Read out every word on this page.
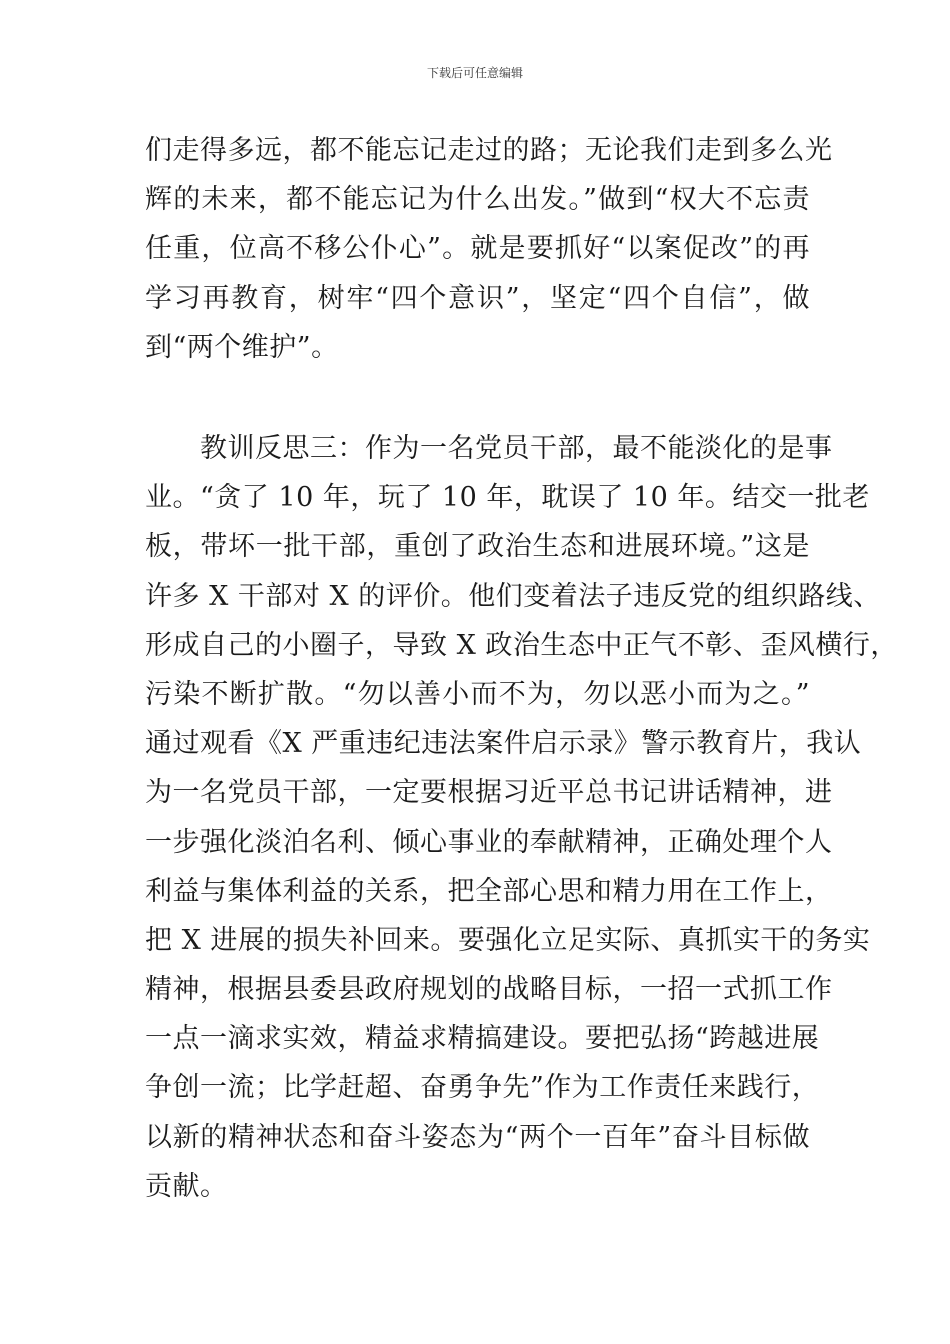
下载后可任意编辑
们走得多远，都不能忘记走过的路；无论我们走到多么光
辉的未来，都不能忘记为什么出发。”做到“权大不忘责
任重，位高不移公仆心”。就是要抓好“以案促改”的再
学习再教育，树牢“四个意识”，坚定“四个自信”，做
到“两个维护”。
　　教训反思三：作为一名党员干部，最不能淡化的是事
业。“贪了 10 年，玩了 10 年，耽误了 10 年。结交一批老
板，带坏一批干部，重创了政治生态和进展环境。”这是
许多 X 干部对 X 的评价。他们变着法子违反党的组织路线、
形成自己的小圈子，导致 X 政治生态中正气不彰、歪风横行，
污染不断扩散。“勿以善小而不为，勿以恶小而为之。”
通过观看《X 严重违纪违法案件启示录》警示教育片，我认
为一名党员干部，一定要根据习近平总书记讲话精神，进
一步强化淡泊名利、倾心事业的奉献精神，正确处理个人
利益与集体利益的关系，把全部心思和精力用在工作上，
把 X 进展的损失补回来。要强化立足实际、真抓实干的务实
精神，根据县委县政府规划的战略目标，一招一式抓工作
一点一滴求实效，精益求精搞建设。要把弘扬“跨越进展
争创一流；比学赶超、奋勇争先”作为工作责任来践行，
以新的精神状态和奋斗姿态为“两个一百年”奋斗目标做
贡献。
